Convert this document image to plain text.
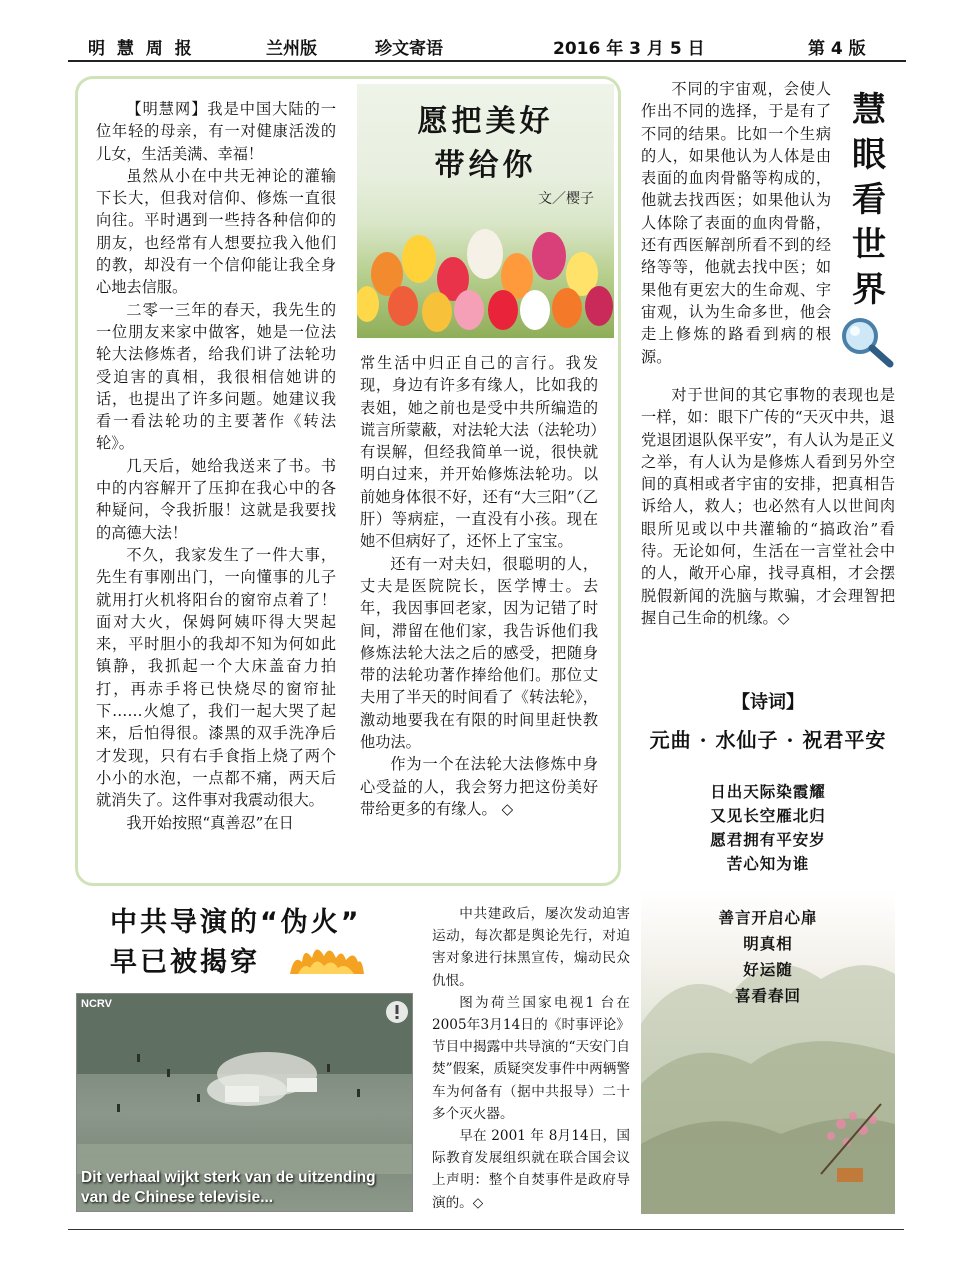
明 慧 周 报	兰州版	珍文寄语	2016 年 3 月 5 日	第 4 版

【明慧网】我是中国大陆的一位年轻的母亲，有一对健康活泼的儿女，生活美满、幸福！

虽然从小在中共无神论的灌输下长大，但我对信仰、修炼一直很向往。平时遇到一些持各种信仰的朋友，也经常有人想要拉我入他们的教，却没有一个信仰能让我全身心地去信服。

二零一三年的春天，我先生的一位朋友来家中做客，她是一位法轮大法修炼者，给我们讲了法轮功受迫害的真相，我很相信她讲的话，也提出了许多问题。她建议我看一看法轮功的主要著作《转法轮》。

几天后，她给我送来了书。书中的内容解开了压抑在我心中的各种疑问，令我折服！这就是我要找的高德大法！

不久，我家发生了一件大事，先生有事刚出门，一向懂事的儿子就用打火机将阳台的窗帘点着了！面对大火，保姆阿姨吓得大哭起来，平时胆小的我却不知为何如此镇静，我抓起一个大床盖奋力拍打，再赤手将已快烧尽的窗帘扯下……火熄了，我们一起大哭了起来，后怕得很。漆黑的双手洗净后才发现，只有右手食指上烧了两个小小的水泡，一点都不痛，两天后就消失了。这件事对我震动很大。

我开始按照“真善忍”在日

愿把美好
带给你
文／樱子

常生活中归正自己的言行。我发现，身边有许多有缘人，比如我的表姐，她之前也是受中共所编造的谎言所蒙蔽，对法轮大法（法轮功）有误解，但经我简单一说，很快就明白过来，并开始修炼法轮功。以前她身体很不好，还有“大三阳”（乙肝）等病症，一直没有小孩。现在她不但病好了，还怀上了宝宝。

还有一对夫妇，很聪明的人，丈夫是医院院长，医学博士。去年，我因事回老家，因为记错了时间，滞留在他们家，我告诉他们我修炼法轮大法之后的感受，把随身带的法轮功著作捧给他们。那位丈夫用了半天的时间看了《转法轮》，激动地要我在有限的时间里赶快教他功法。

作为一个在法轮大法修炼中身心受益的人，我会努力把这份美好带给更多的有缘人。 ◇

慧
眼
看
世
界

不同的宇宙观，会使人作出不同的选择，于是有了不同的结果。比如一个生病的人，如果他认为人体是由表面的血肉骨骼等构成的，他就去找西医；如果他认为人体除了表面的血肉骨骼，还有西医解剖所看不到的经络等等，他就去找中医；如果他有更宏大的生命观、宇宙观，认为生命多世，他会走上修炼的路看到病的根源。

对于世间的其它事物的表现也是一样，如：眼下广传的“天灭中共，退党退团退队保平安”，有人认为是正义之举，有人认为是修炼人看到另外空间的真相或者宇宙的安排，把真相告诉给人，救人；也必然有人以世间肉眼所见或以中共灌输的“搞政治”看待。无论如何，生活在一言堂社会中的人，敞开心扉，找寻真相，才会摆脱假新闻的洗脑与欺骗，才会理智把握自己生命的机缘。◇

【诗词】
元曲 · 水仙子 · 祝君平安
日出天际染霞耀
又见长空雁北归
愿君拥有平安岁
苦心知为谁
善言开启心扉
明真相
好运随
喜看春回
中共导演的“伪火”
早已被揭穿
NCRV
Dit verhaal wijkt sterk van de uitzending
van de Chinese televisie...

中共建政后，屡次发动迫害运动，每次都是舆论先行，对迫害对象进行抹黑宣传，煽动民众仇恨。

图为荷兰国家电视1 台在2005年3月14日的《时事评论》节目中揭露中共导演的“天安门自焚”假案，质疑突发事件中两辆警车为何备有（据中共报导）二十多个灭火器。

早在 2001 年 8月14日，国际教育发展组织就在联合国会议上声明：整个自焚事件是政府导演的。◇
